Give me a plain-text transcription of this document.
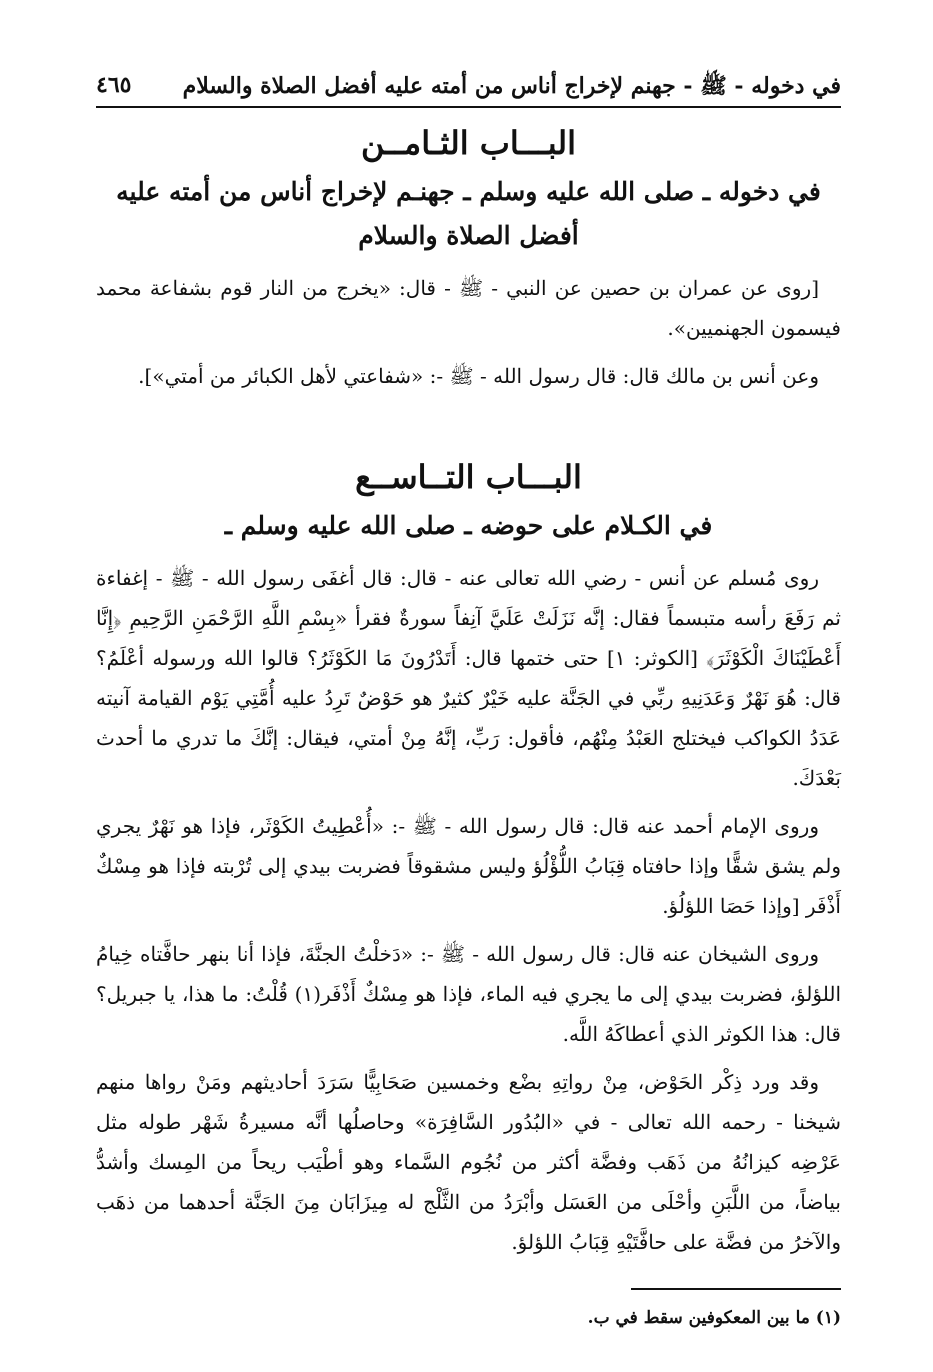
في دخوله - ﷺ - جهنم لإخراج أناس من أمته عليه أفضل الصلاة والسلام
٤٦٥
البـــاب الثـامــن
في دخوله ـ صلى الله عليه وسلم ـ جهنـم لإخراج أناس من أمته عليه
أفضل الصلاة والسلام

[روى عن عمران بن حصين عن النبي - ﷺ - قال: «يخرج من النار قوم بشفاعة محمد فيسمون الجهنميين».

وعن أنس بن مالك قال: قال رسول الله - ﷺ -: «شفاعتي لأهل الكبائر من أمتي»].

البـــاب التــاســع
في الكـلام على حوضه ـ صلى الله عليه وسلم ـ

روى مُسلم عن أنس - رضي الله تعالى عنه - قال: قال أغفَى رسول الله - ﷺ - إغفاءة ثم رَفَعَ رأسه متبسماً فقال: إنَّه نَزَلَتْ عَلَيَّ آنِفاً سورةٌ فقرأ «بِسْمِ اللَّهِ الرَّحْمَنِ الرَّحِيمِ ﴿إِنَّا أَعْطَيْنَاكَ الْكَوْثَرَ﴾ [الكوثر: ١] حتى ختمها قال: أَتَدْرُونَ مَا الكَوْثَرُ؟ قالوا الله ورسوله أعْلَمُ؟ قال: هُوَ نَهْرٌ وَعَدَنِيهِ ربِّي في الجَنَّة عليه خَيْرٌ كثيرٌ هو حَوْضٌ تَرِدُ عليه أُمَّتِي يَوْم القيامة آنيته عَدَدُ الكواكب فيختلج العَبْدُ مِنْهُم، فأقول: رَبِّ، إنَّهُ مِنْ أمتي، فيقال: إنَّكَ ما تدري ما أحدث بَعْدَكَ.

وروى الإمام أحمد عنه قال: قال رسول الله - ﷺ -: «أُعْطِيتُ الكَوْثَر، فإذا هو نَهْرٌ يجري ولم يشق شقًّا وإذا حافتاه قِبَابُ اللُّؤْلُؤ وليس مشقوقاً فضربت بيدي إلى تُرْبته فإذا هو مِسْكٌ أَذْفَر [وإذا حَصَا اللؤلُؤ.

وروى الشيخان عنه قال: قال رسول الله - ﷺ -: «دَخلْتُ الجنَّةَ، فإذا أنا بنهر حافَّتاه خِيامُ اللؤلؤ، فضربت بيدي إلى ما يجري فيه الماء، فإذا هو مِسْكٌ أَذْفَر(١) قُلْتُ: ما هذا، يا جبريل؟ قال: هذا الكوثر الذي أعطاكَهُ اللَّه.

وقد ورد ذِكْر الحَوْض، مِنْ رواتِهِ بضْع وخمسين صَحَابِيًّا سَرَدَ أحاديثهم ومَنْ رواها منهم شيخنا - رحمه الله تعالى - في «البُدُور السَّافِرَة» وحاصلُها أنَّه مسيرةُ شَهْر طوله مثل عَرْضِه كيزانُهُ من ذَهَب وفضَّة أكثر من نُجُوم السَّماء وهو أطْيَب ريحاً من المِسك وأشدُّ بياضاً، من اللَّبَنِ وأحْلَى من العَسَل وأبْرَدُ من الثَّلْج له مِيزَابَان مِنَ الجَنَّة أحدهما من ذهَب والآخرُ من فضَّة على حافَّتَيْهِ قِبَابُ اللؤلؤ.

(١) ما بين المعكوفين سقط في ب.
